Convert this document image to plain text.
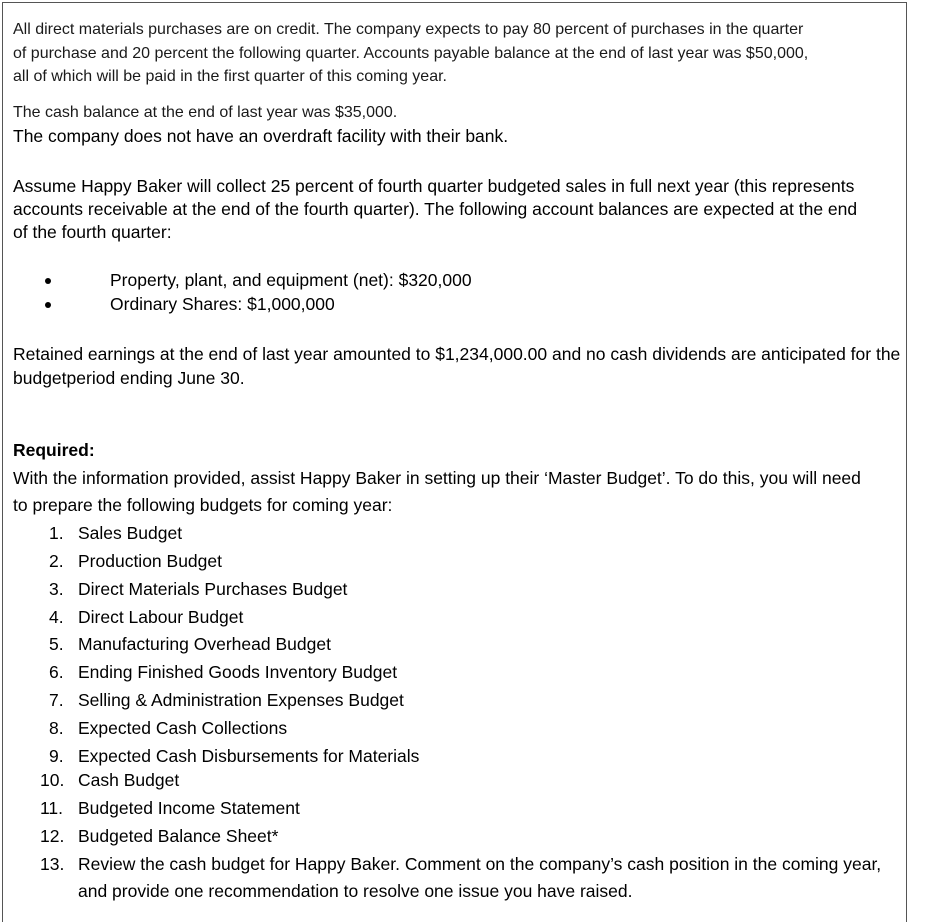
All direct materials purchases are on credit. The company expects to pay 80 percent of purchases in the quarter
of purchase and 20 percent the following quarter. Accounts payable balance at the end of last year was $50,000,
all of which will be paid in the first quarter of this coming year.
The cash balance at the end of last year was $35,000.
The company does not have an overdraft facility with their bank.
Assume Happy Baker will collect 25 percent of fourth quarter budgeted sales in full next year (this represents
accounts receivable at the end of the fourth quarter). The following account balances are expected at the end
of the fourth quarter:
Property, plant, and equipment (net): $320,000
Ordinary Shares: $1,000,000
Retained earnings at the end of last year amounted to $1,234,000.00 and no cash dividends are anticipated for the
budgetperiod ending June 30.
Required:
With the information provided, assist Happy Baker in setting up their ‘Master Budget’. To do this, you will need
to prepare the following budgets for coming year:
1. Sales Budget
2. Production Budget
3. Direct Materials Purchases Budget
4. Direct Labour Budget
5. Manufacturing Overhead Budget
6. Ending Finished Goods Inventory Budget
7. Selling & Administration Expenses Budget
8. Expected Cash Collections
9. Expected Cash Disbursements for Materials
10. Cash Budget
11. Budgeted Income Statement
12. Budgeted Balance Sheet*
13. Review the cash budget for Happy Baker. Comment on the company’s cash position in the coming year,
and provide one recommendation to resolve one issue you have raised.
